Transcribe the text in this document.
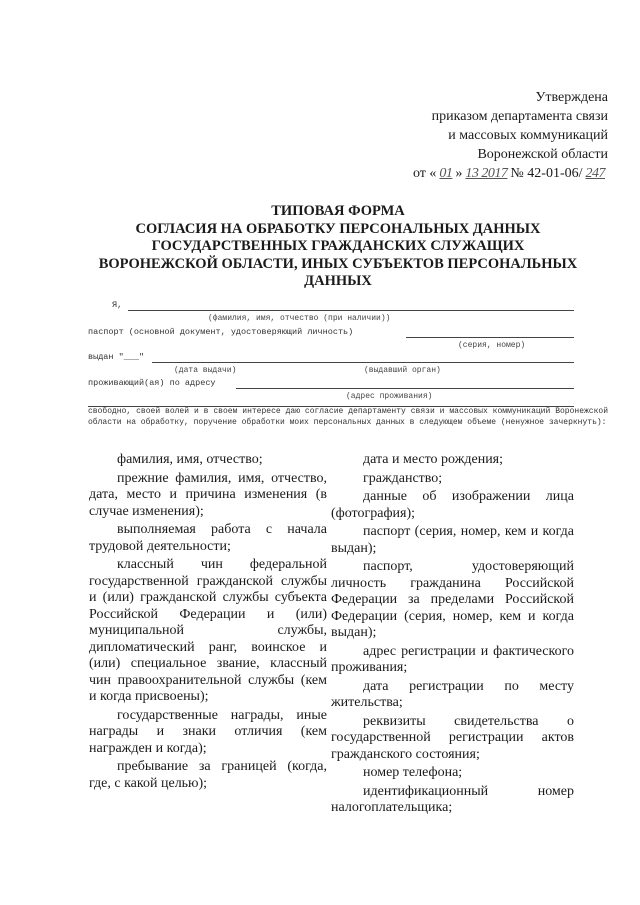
Утверждена
приказом департамента связи
и массовых коммуникаций
Воронежской области
от « 01 » 13 2017 № 42-01-06/ 247
ТИПОВАЯ ФОРМА
СОГЛАСИЯ НА ОБРАБОТКУ ПЕРСОНАЛЬНЫХ ДАННЫХ
ГОСУДАРСТВЕННЫХ ГРАЖДАНСКИХ СЛУЖАЩИХ
ВОРОНЕЖСКОЙ ОБЛАСТИ, ИНЫХ СУБЪЕКТОВ ПЕРСОНАЛЬНЫХ
ДАННЫХ
Я,
(фамилия, имя, отчество (при наличии))
паспорт (основной документ, удостоверяющий личность)
(серия, номер)
выдан "___"
(дата выдачи)	(выдавший орган)
проживающий(ая) по адресу
(адрес проживания)
свободно, своей волей и в своем интересе даю согласие департаменту связи и массовых коммуникаций Воронежской области на обработку, поручение обработки моих персональных данных в следующем объеме (ненужное зачеркнуть):
фамилия, имя, отчество;
прежние фамилия, имя, отчество, дата, место и причина изменения (в случае изменения);
выполняемая работа с начала трудовой деятельности;
классный чин федеральной государственной гражданской службы и (или) гражданской службы субъекта Российской Федерации и (или) муниципальной службы, дипломатический ранг, воинское и (или) специальное звание, классный чин правоохранительной службы (кем и когда присвоены);
государственные награды, иные награды и знаки отличия (кем награжден и когда);
пребывание за границей (когда, где, с какой целью);
дата и место рождения;
гражданство;
данные об изображении лица (фотография);
паспорт (серия, номер, кем и когда выдан);
паспорт, удостоверяющий личность гражданина Российской Федерации за пределами Российской Федерации (серия, номер, кем и когда выдан);
адрес регистрации и фактического проживания;
дата регистрации по месту жительства;
реквизиты свидетельства о государственной регистрации актов гражданского состояния;
номер телефона;
идентификационный номер налогоплательщика;
